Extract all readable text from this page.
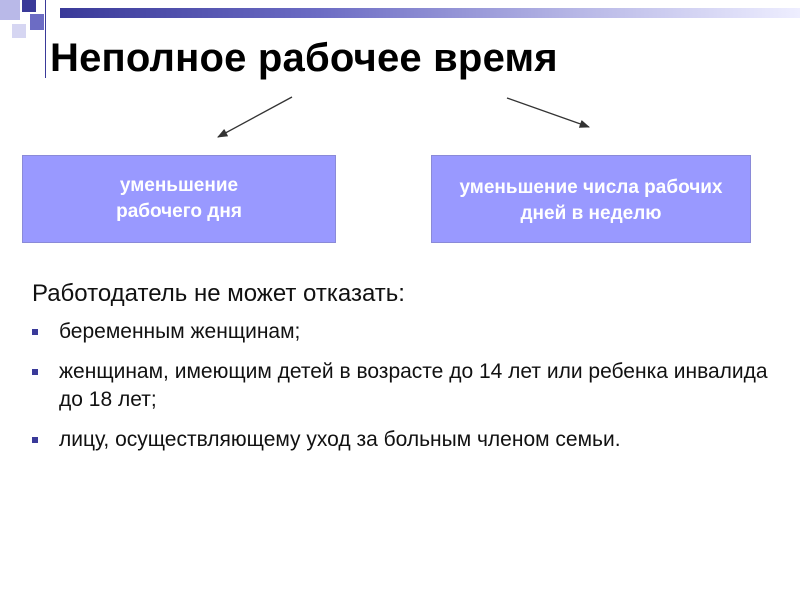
Неполное рабочее время
уменьшение рабочего дня
уменьшение числа рабочих дней в неделю
Работодатель не может отказать:
беременным женщинам;
женщинам, имеющим детей в возрасте до 14 лет или ребенка инвалида до 18 лет;
лицу, осуществляющему уход за больным членом семьи.
